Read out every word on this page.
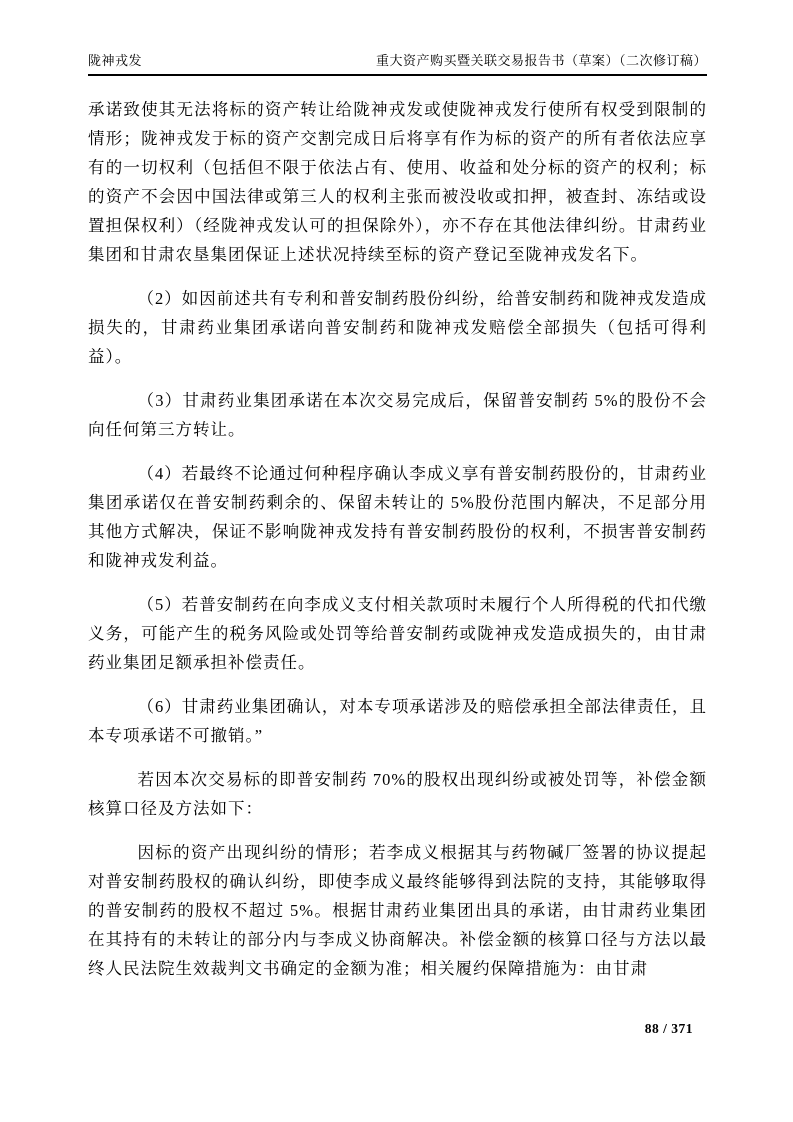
陇神戎发	重大资产购买暨关联交易报告书（草案）（二次修订稿）

承诺致使其无法将标的资产转让给陇神戎发或使陇神戎发行使所有权受到限制的情形；陇神戎发于标的资产交割完成日后将享有作为标的资产的所有者依法应享有的一切权利（包括但不限于依法占有、使用、收益和处分标的资产的权利；标的资产不会因中国法律或第三人的权利主张而被没收或扣押，被查封、冻结或设置担保权利）（经陇神戎发认可的担保除外），亦不存在其他法律纠纷。甘肃药业集团和甘肃农垦集团保证上述状况持续至标的资产登记至陇神戎发名下。

（2）如因前述共有专利和普安制药股份纠纷，给普安制药和陇神戎发造成损失的，甘肃药业集团承诺向普安制药和陇神戎发赔偿全部损失（包括可得利益）。

（3）甘肃药业集团承诺在本次交易完成后，保留普安制药 5%的股份不会向任何第三方转让。

（4）若最终不论通过何种程序确认李成义享有普安制药股份的，甘肃药业集团承诺仅在普安制药剩余的、保留未转让的 5%股份范围内解决，不足部分用其他方式解决，保证不影响陇神戎发持有普安制药股份的权利，不损害普安制药和陇神戎发利益。

（5）若普安制药在向李成义支付相关款项时未履行个人所得税的代扣代缴义务，可能产生的税务风险或处罚等给普安制药或陇神戎发造成损失的，由甘肃药业集团足额承担补偿责任。

（6）甘肃药业集团确认，对本专项承诺涉及的赔偿承担全部法律责任，且本专项承诺不可撤销。”

若因本次交易标的即普安制药 70%的股权出现纠纷或被处罚等，补偿金额核算口径及方法如下：

因标的资产出现纠纷的情形；若李成义根据其与药物碱厂签署的协议提起对普安制药股权的确认纠纷，即使李成义最终能够得到法院的支持，其能够取得的普安制药的股权不超过 5%。根据甘肃药业集团出具的承诺，由甘肃药业集团在其持有的未转让的部分内与李成义协商解决。补偿金额的核算口径与方法以最终人民法院生效裁判文书确定的金额为准；相关履约保障措施为：由甘肃

88 / 371
